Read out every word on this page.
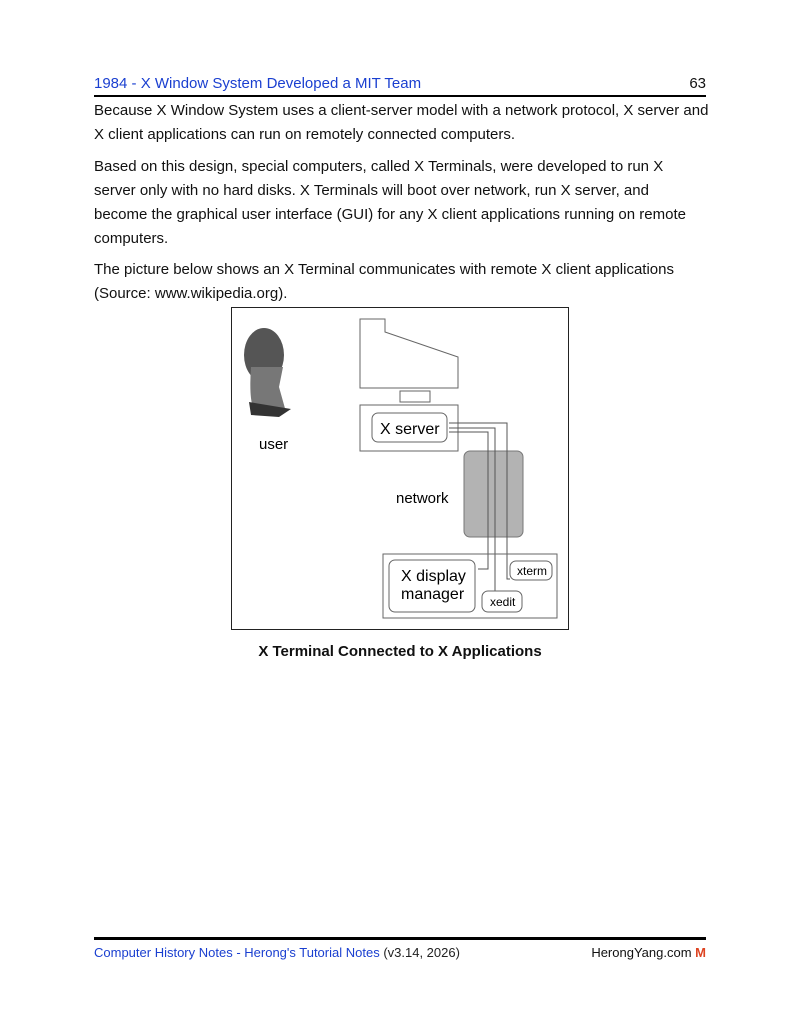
1984 - X Window System Developed a MIT Team	63
Because X Window System uses a client-server model with a network protocol, X server and X client applications can run on remotely connected computers.
Based on this design, special computers, called X Terminals, were developed to run X server only with no hard disks. X Terminals will boot over network, run X server, and become the graphical user interface (GUI) for any X client applications running on remote computers.
The picture below shows an X Terminal communicates with remote X client applications (Source: www.wikipedia.org).
user
X server
network
X display
manager
xterm
xedit
X Terminal Connected to X Applications
Computer History Notes - Herong's Tutorial Notes (v3.14, 2026)	HerongYang.com M
